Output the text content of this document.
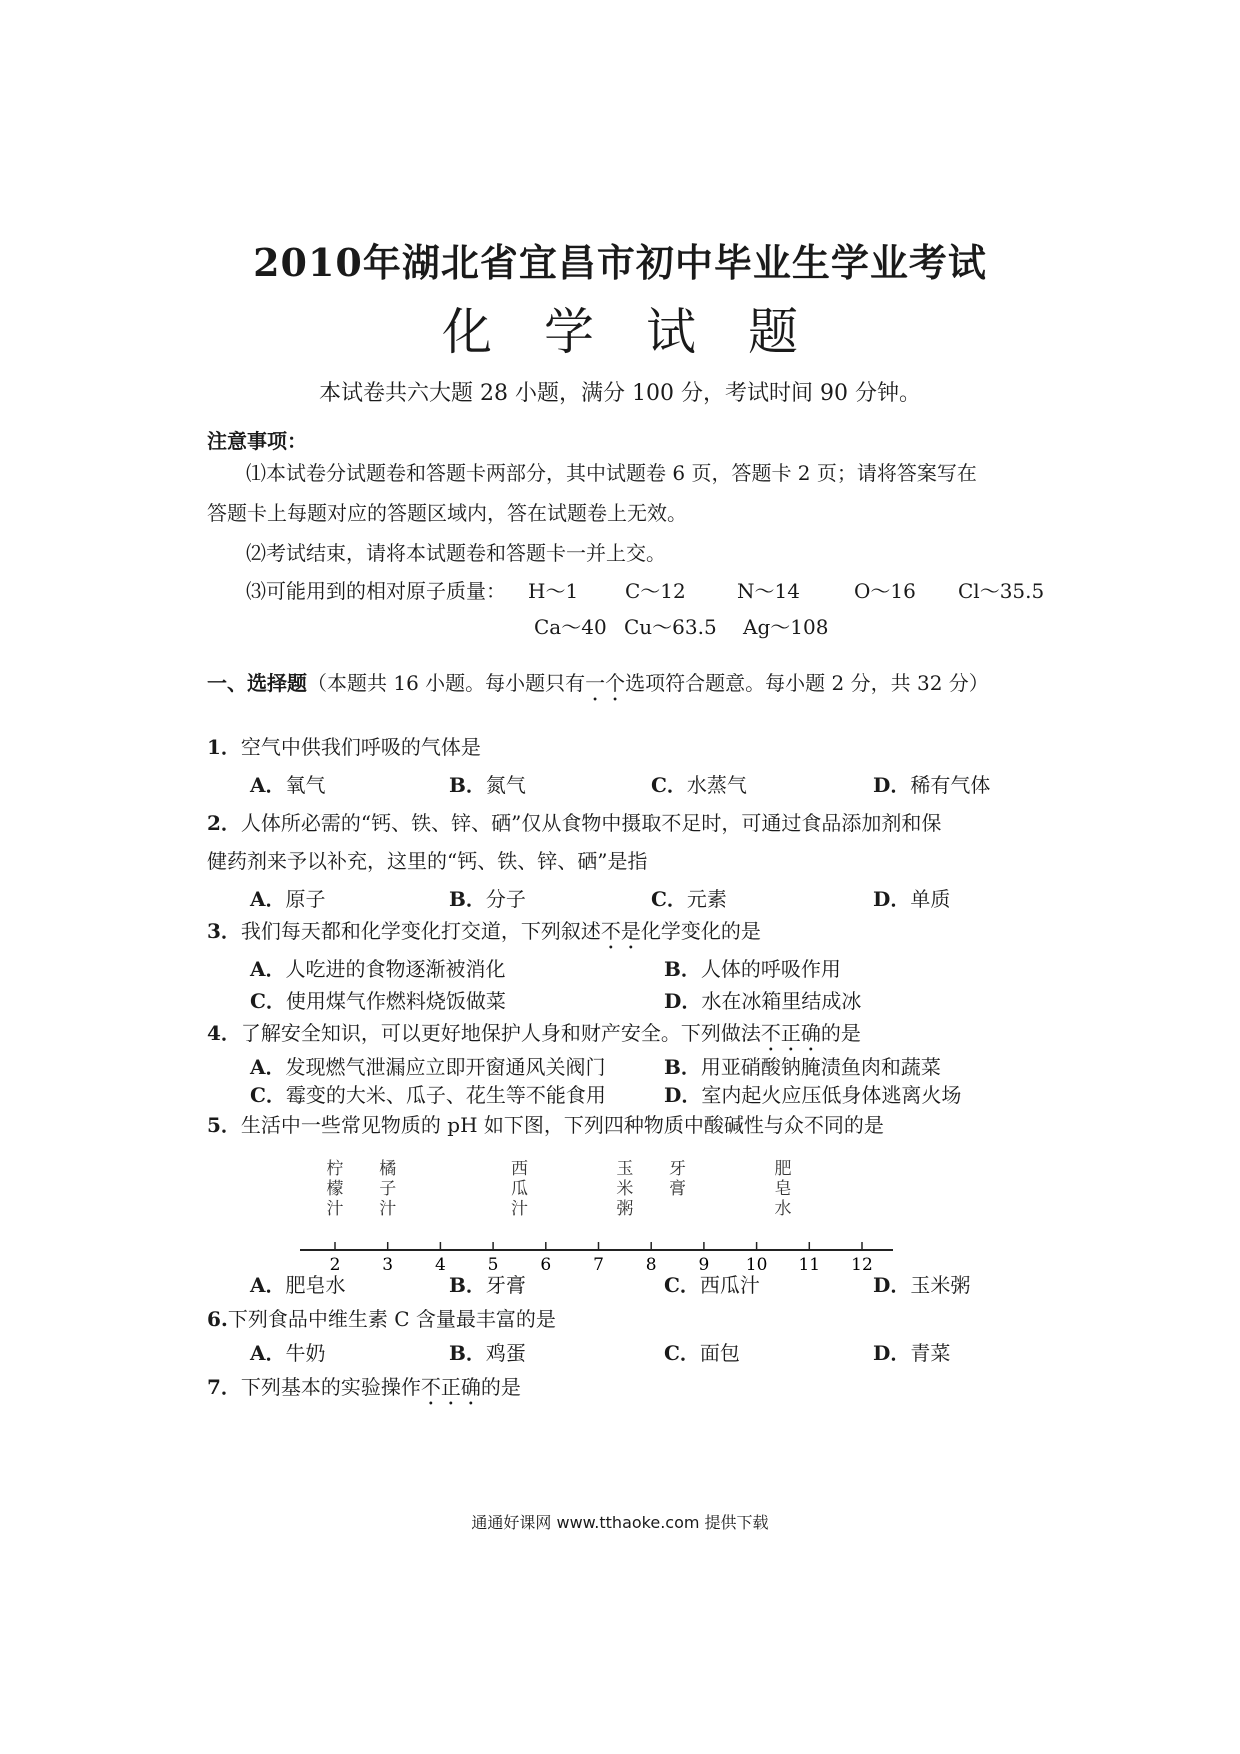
2010年湖北省宜昌市初中毕业生学业考试
化学试题
本试卷共六大题 28 小题，满分 100 分，考试时间 90 分钟。
注意事项：
⑴本试卷分试题卷和答题卡两部分，其中试题卷 6 页，答题卡 2 页；请将答案写在
答题卡上每题对应的答题区域内，答在试题卷上无效。
⑵考试结束，请将本试题卷和答题卡一并上交。
⑶可能用到的相对原子质量： H～1 C～12	N～14	O～16 Cl～35.5
Ca～40 Cu～63.5 Ag～108
一、选择题（本题共 16 小题。每小题只有一个选项符合题意。每小题 2 分，共 32 分）
1．空气中供我们呼吸的气体是
A．氧气	B．氮气	C．水蒸气	D．稀有气体
2．人体所必需的“钙、铁、锌、硒”仅从食物中摄取不足时，可通过食品添加剂和保
健药剂来予以补充，这里的“钙、铁、锌、硒”是指
A．原子	B．分子	C．元素	D．单质
3．我们每天都和化学变化打交道，下列叙述不是化学变化的是
A．人吃进的食物逐渐被消化	B．人体的呼吸作用
C．使用煤气作燃料烧饭做菜	D．水在冰箱里结成冰
4．了解安全知识，可以更好地保护人身和财产安全。下列做法不正确的是
A．发现燃气泄漏应立即开窗通风关阀门	B．用亚硝酸钠腌渍鱼肉和蔬菜
C．霉变的大米、瓜子、花生等不能食用	D．室内起火应压低身体逃离火场
5．生活中一些常见物质的 pH 如下图，下列四种物质中酸碱性与众不同的是
柠
檬
汁
橘
子
汁
西
瓜
汁
玉
米
粥
牙
膏
肥
皂
水
2 3 4 5 6 7 8 9 10 11 12
A．肥皂水	B．牙膏	C．西瓜汁	D．玉米粥
6.下列食品中维生素 C 含量最丰富的是
A．牛奶	B．鸡蛋	C．面包	D．青菜
7．下列基本的实验操作不正确的是
通通好课网 www.tthaoke.com 提供下载
